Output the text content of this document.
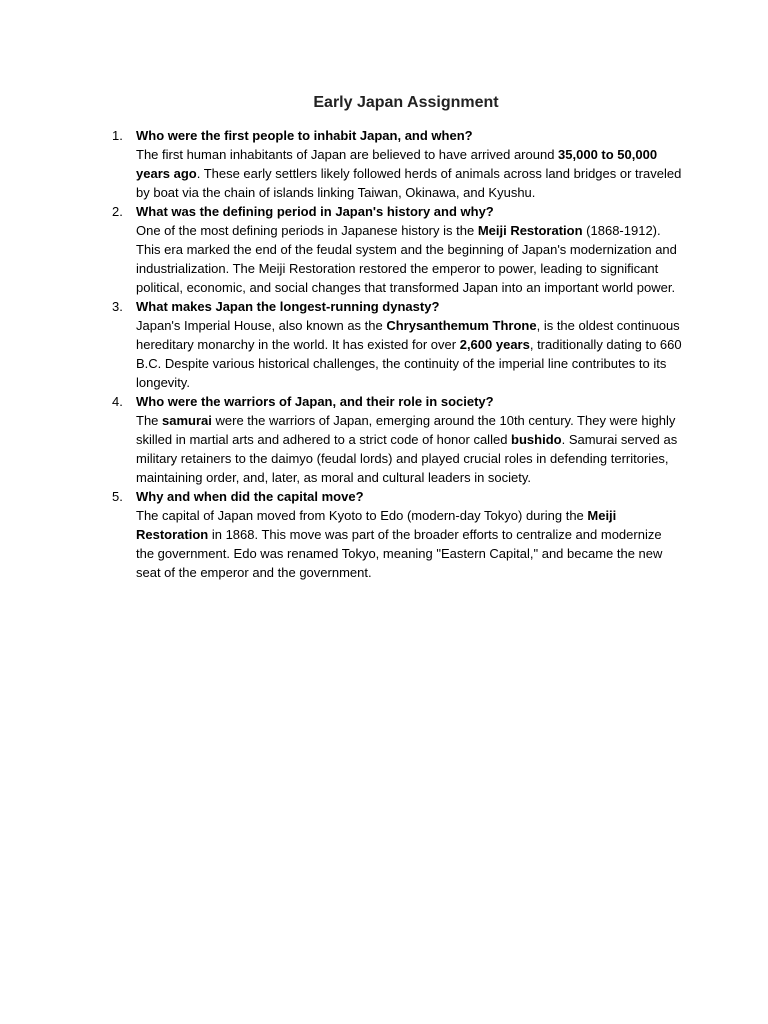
Early Japan Assignment
1.	Who were the first people to inhabit Japan, and when?
The first human inhabitants of Japan are believed to have arrived around 35,000 to 50,000 years ago. These early settlers likely followed herds of animals across land bridges or traveled by boat via the chain of islands linking Taiwan, Okinawa, and Kyushu.
2.	What was the defining period in Japan's history and why?
One of the most defining periods in Japanese history is the Meiji Restoration (1868-1912). This era marked the end of the feudal system and the beginning of Japan's modernization and industrialization. The Meiji Restoration restored the emperor to power, leading to significant political, economic, and social changes that transformed Japan into an important world power.
3.	What makes Japan the longest-running dynasty?
Japan's Imperial House, also known as the Chrysanthemum Throne, is the oldest continuous hereditary monarchy in the world. It has existed for over 2,600 years, traditionally dating to 660 B.C. Despite various historical challenges, the continuity of the imperial line contributes to its longevity.
4.	Who were the warriors of Japan, and their role in society?
The samurai were the warriors of Japan, emerging around the 10th century. They were highly skilled in martial arts and adhered to a strict code of honor called bushido. Samurai served as military retainers to the daimyo (feudal lords) and played crucial roles in defending territories, maintaining order, and, later, as moral and cultural leaders in society.
5.	Why and when did the capital move?
The capital of Japan moved from Kyoto to Edo (modern-day Tokyo) during the Meiji Restoration in 1868. This move was part of the broader efforts to centralize and modernize the government. Edo was renamed Tokyo, meaning "Eastern Capital," and became the new seat of the emperor and the government.
